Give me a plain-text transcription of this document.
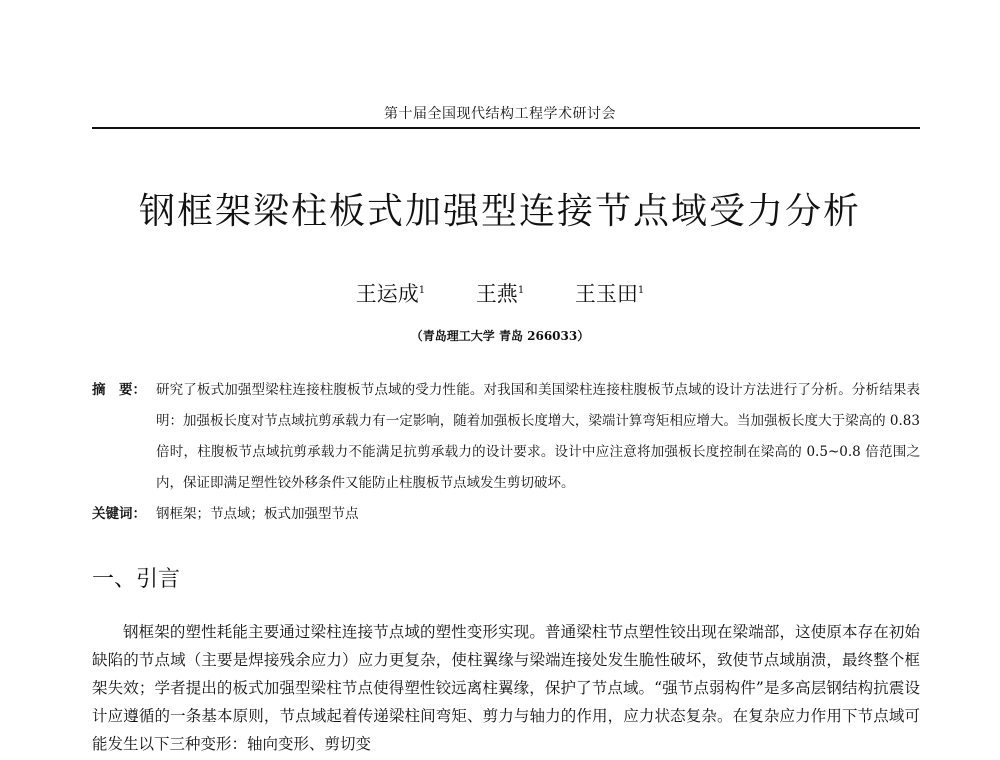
第十届全国现代结构工程学术研讨会
钢框架梁柱板式加强型连接节点域受力分析
王运成$^1$ 王燕$^1$ 王玉田$^1$
（青岛理工大学 青岛 266033）
摘　要： 研究了板式加强型梁柱连接柱腹板节点域的受力性能。对我国和美国梁柱连接柱腹板节点域的设计方法进行了分析。分析结果表明：加强板长度对节点域抗剪承载力有一定影响，随着加强板长度增大，梁端计算弯矩相应增大。当加强板长度大于梁高的 0.83 倍时，柱腹板节点域抗剪承载力不能满足抗剪承载力的设计要求。设计中应注意将加强板长度控制在梁高的 0.5~0.8 倍范围之内，保证即满足塑性铰外移条件又能防止柱腹板节点域发生剪切破坏。
关键词： 钢框架；节点域；板式加强型节点
一、引言
钢框架的塑性耗能主要通过梁柱连接节点域的塑性变形实现。普通梁柱节点塑性铰出现在梁端部，这使原本存在初始缺陷的节点域（主要是焊接残余应力）应力更复杂，使柱翼缘与梁端连接处发生脆性破坏，致使节点域崩溃，最终整个框架失效；学者提出的板式加强型梁柱节点使得塑性铰远离柱翼缘，保护了节点域。“强节点弱构件”是多高层钢结构抗震设计应遵循的一条基本原则，节点域起着传递梁柱间弯矩、剪力与轴力的作用，应力状态复杂。在复杂应力作用下节点域可能发生以下三种变形：轴向变形、剪切变
